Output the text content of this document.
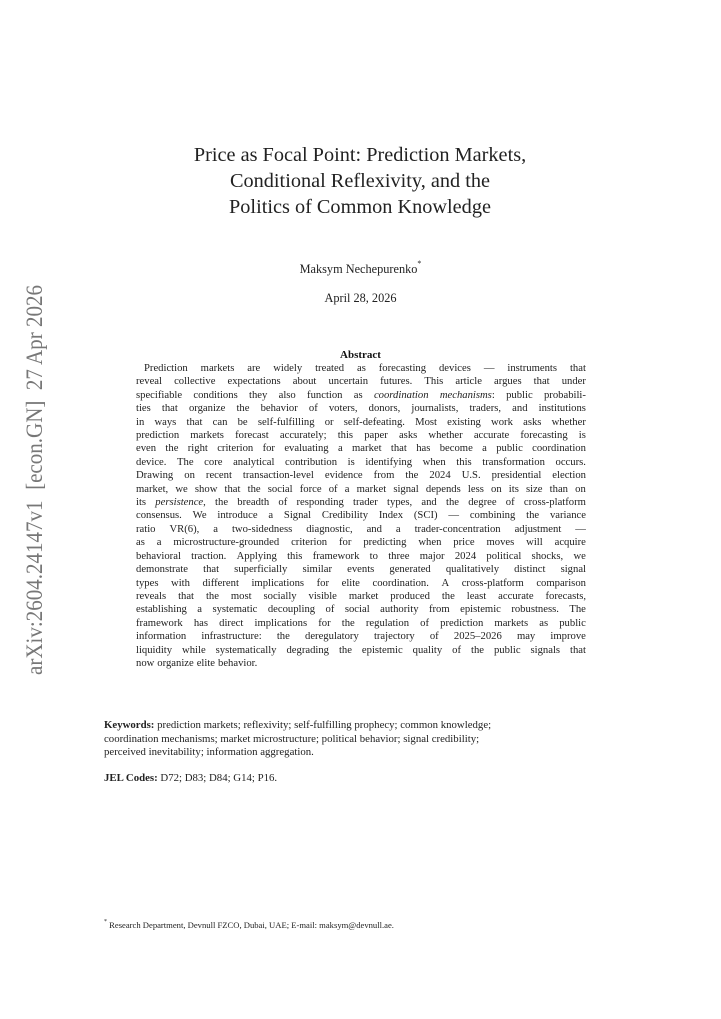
arXiv:2604.24147v1  [econ.GN]  27 Apr 2026
Price as Focal Point: Prediction Markets,
Conditional Reflexivity, and the
Politics of Common Knowledge
Maksym Nechepurenko*
April 28, 2026
Abstract
Prediction markets are widely treated as forecasting devices — instruments that
reveal collective expectations about uncertain futures. This article argues that under
specifiable conditions they also function as coordination mechanisms: public probabili-
ties that organize the behavior of voters, donors, journalists, traders, and institutions
in ways that can be self-fulfilling or self-defeating. Most existing work asks whether
prediction markets forecast accurately; this paper asks whether accurate forecasting is
even the right criterion for evaluating a market that has become a public coordination
device. The core analytical contribution is identifying when this transformation occurs.
Drawing on recent transaction-level evidence from the 2024 U.S. presidential election
market, we show that the social force of a market signal depends less on its size than on
its persistence, the breadth of responding trader types, and the degree of cross-platform
consensus. We introduce a Signal Credibility Index (SCI) — combining the variance
ratio VR(6), a two-sidedness diagnostic, and a trader-concentration adjustment —
as a microstructure-grounded criterion for predicting when price moves will acquire
behavioral traction. Applying this framework to three major 2024 political shocks, we
demonstrate that superficially similar events generated qualitatively distinct signal
types with different implications for elite coordination. A cross-platform comparison
reveals that the most socially visible market produced the least accurate forecasts,
establishing a systematic decoupling of social authority from epistemic robustness. The
framework has direct implications for the regulation of prediction markets as public
information infrastructure: the deregulatory trajectory of 2025–2026 may improve
liquidity while systematically degrading the epistemic quality of the public signals that
now organize elite behavior.
Keywords: prediction markets; reflexivity; self-fulfilling prophecy; common knowledge;
coordination mechanisms; market microstructure; political behavior; signal credibility;
perceived inevitability; information aggregation.
JEL Codes: D72; D83; D84; G14; P16.
* Research Department, Devnull FZCO, Dubai, UAE; E-mail: maksym@devnull.ae.
